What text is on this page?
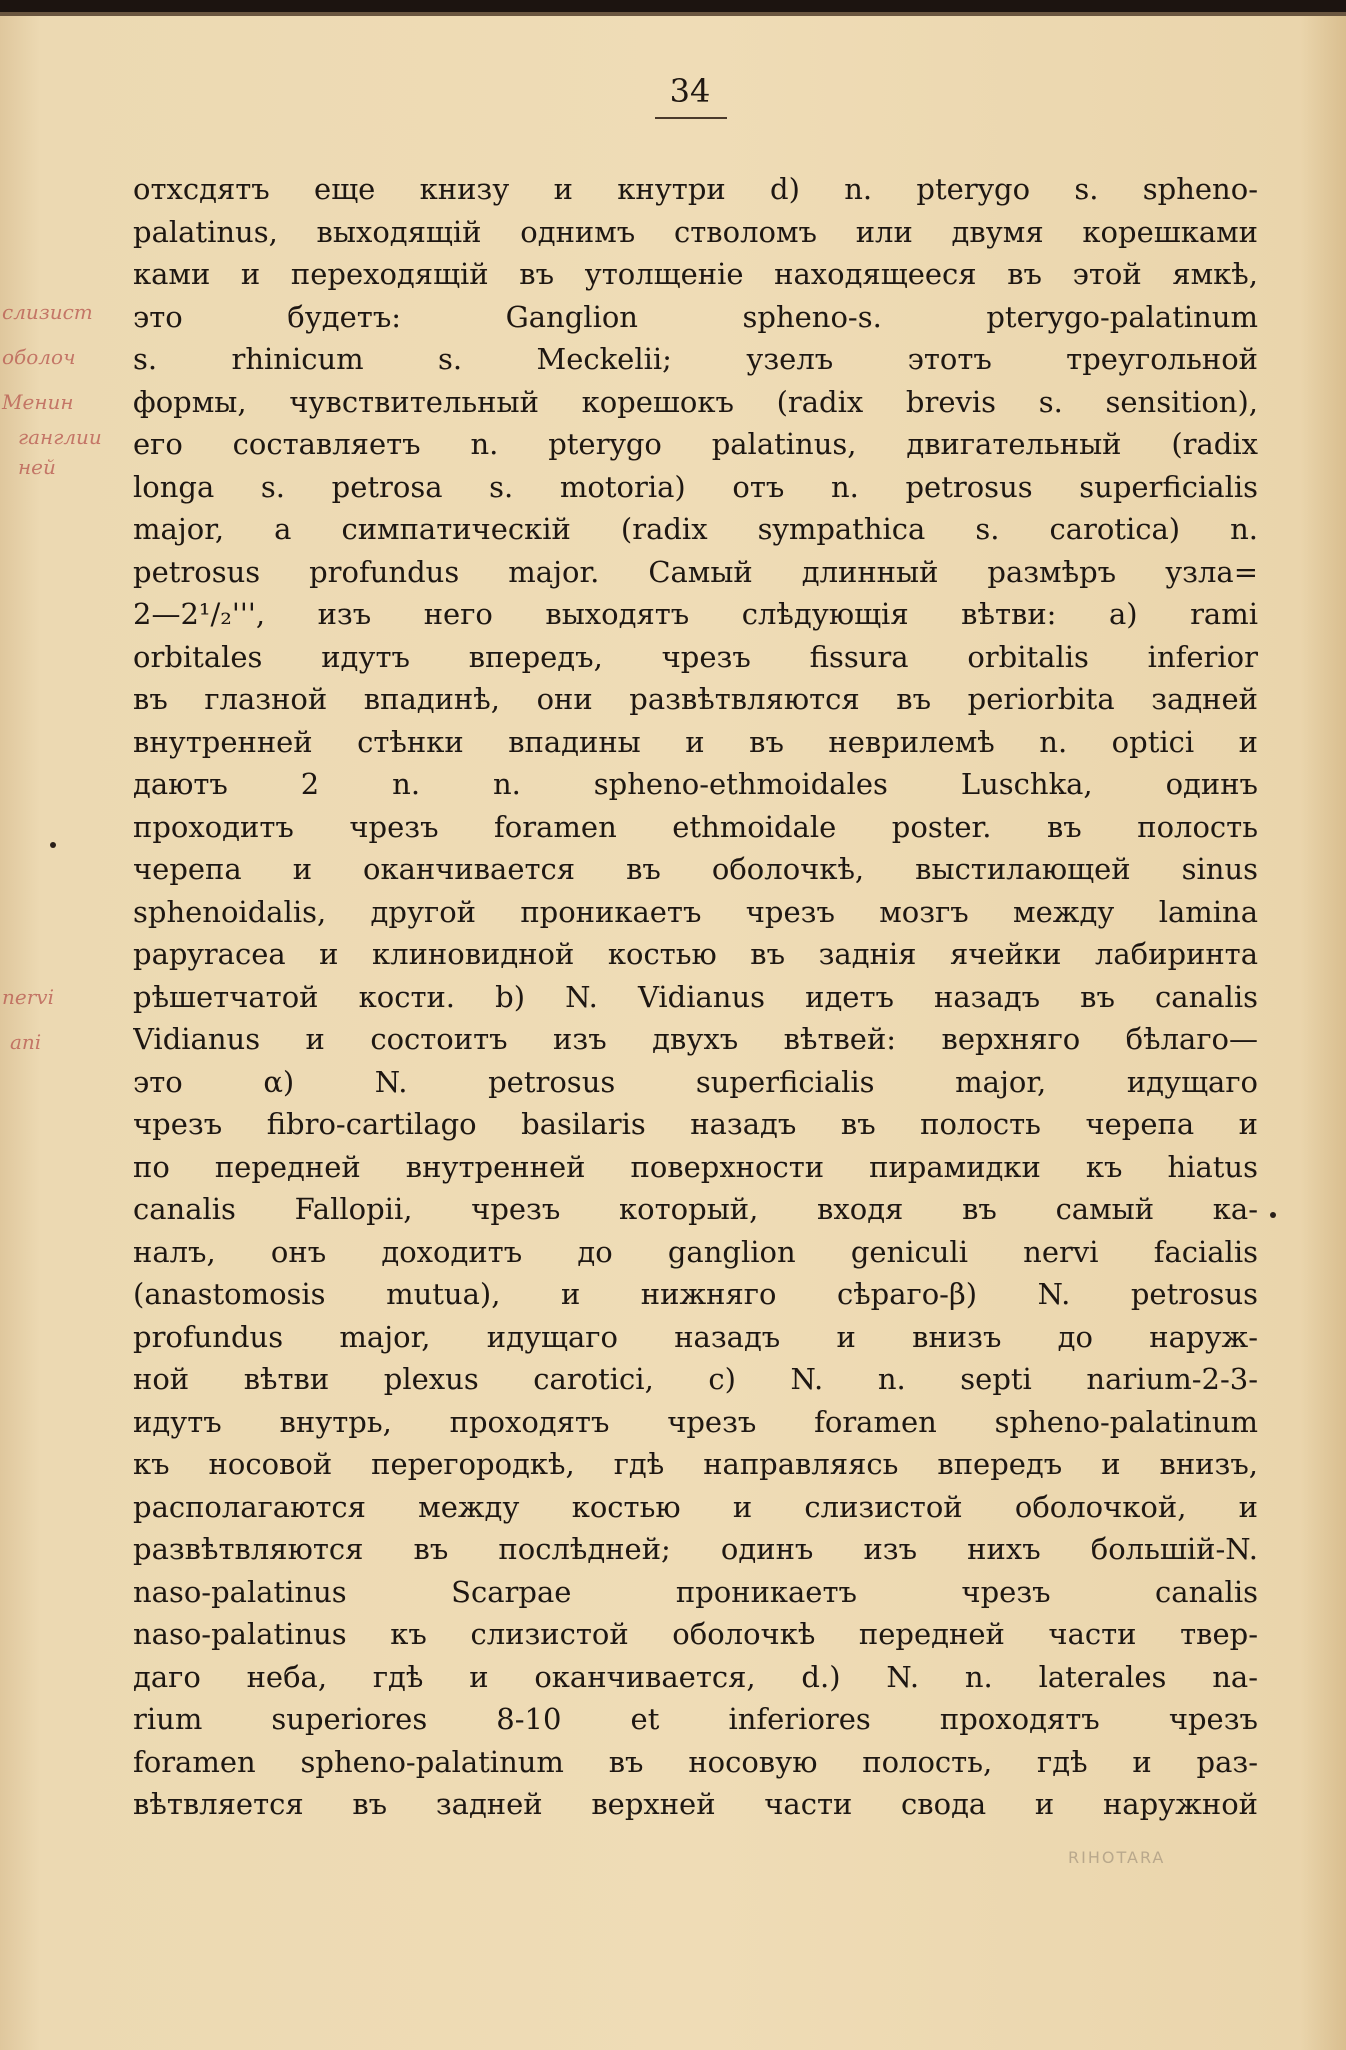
34
слизист
оболоч
Менин
ганглии
ней
nervi
ani
отхсдятъ еще книзу и кнутри d) n. pterygo s. spheno-
palatinus, выходящій однимъ стволомъ или двумя корешками
ками и переходящій въ утолщеніе находящееся въ этой ямкѣ,
это будетъ: Ganglion spheno-s. pterygo-palatinum
s. rhinicum s. Meckelii; узелъ этотъ треугольной
формы, чувствительный корешокъ (radix brevis s. sensition),
его составляетъ n. pterygo palatinus, двигательный (radix
longa s. petrosa s. motoria) отъ n. petrosus superficialis
major, а симпатическій (radix sympathica s. carotica) n.
petrosus profundus major. Самый длинный размѣръ узла=
2—2¹/₂''', изъ него выходятъ слѣдующія вѣтви: а) rami
orbitales идутъ впередъ, чрезъ fissura orbitalis inferior
въ глазной впадинѣ, они развѣтвляются въ periorbita задней
внутренней стѣнки впадины и въ неврилемѣ n. optici и
даютъ 2 n. n. spheno-ethmoidales Luschka, одинъ
проходитъ чрезъ foramen ethmoidale poster. въ полость
черепа и оканчивается въ оболочкѣ, выстилающей sinus
sphenoidalis, другой проникаетъ чрезъ мозгъ между lamina
papyracea и клиновидной костью въ заднія ячейки лабиринта
рѣшетчатой кости. b) N. Vidianus идетъ назадъ въ canalis
Vidianus и состоитъ изъ двухъ вѣтвей: верхняго бѣлаго—
это α) N. petrosus superficialis major, идущаго
чрезъ fibro-cartilago basilaris назадъ въ полость черепа и
по передней внутренней поверхности пирамидки къ hiatus
canalis Fallopii, чрезъ который, входя въ самый ка-
налъ, онъ доходитъ до ganglion geniculi nervi facialis
(anastomosis mutua), и нижняго сѣраго-β) N. petrosus
profundus major, идущаго назадъ и внизъ до наруж-
ной вѣтви plexus carotici, c) N. n. septi narium-2-3-
идутъ внутрь, проходятъ чрезъ foramen spheno-palatinum
къ носовой перегородкѣ, гдѣ направляясь впередъ и внизъ,
располагаются между костью и слизистой оболочкой, и
развѣтвляются въ послѣдней; одинъ изъ нихъ большій-N.
naso-palatinus Scarpae проникаетъ чрезъ canalis
naso-palatinus къ слизистой оболочкѣ передней части твер-
даго неба, гдѣ и оканчивается, d.) N. n. laterales na-
rium superiores 8-10 et inferiores проходятъ чрезъ
foramen spheno-palatinum въ носовую полость, гдѣ и раз-
вѣтвляется въ задней верхней части свода и наружной
RIHOTARA
